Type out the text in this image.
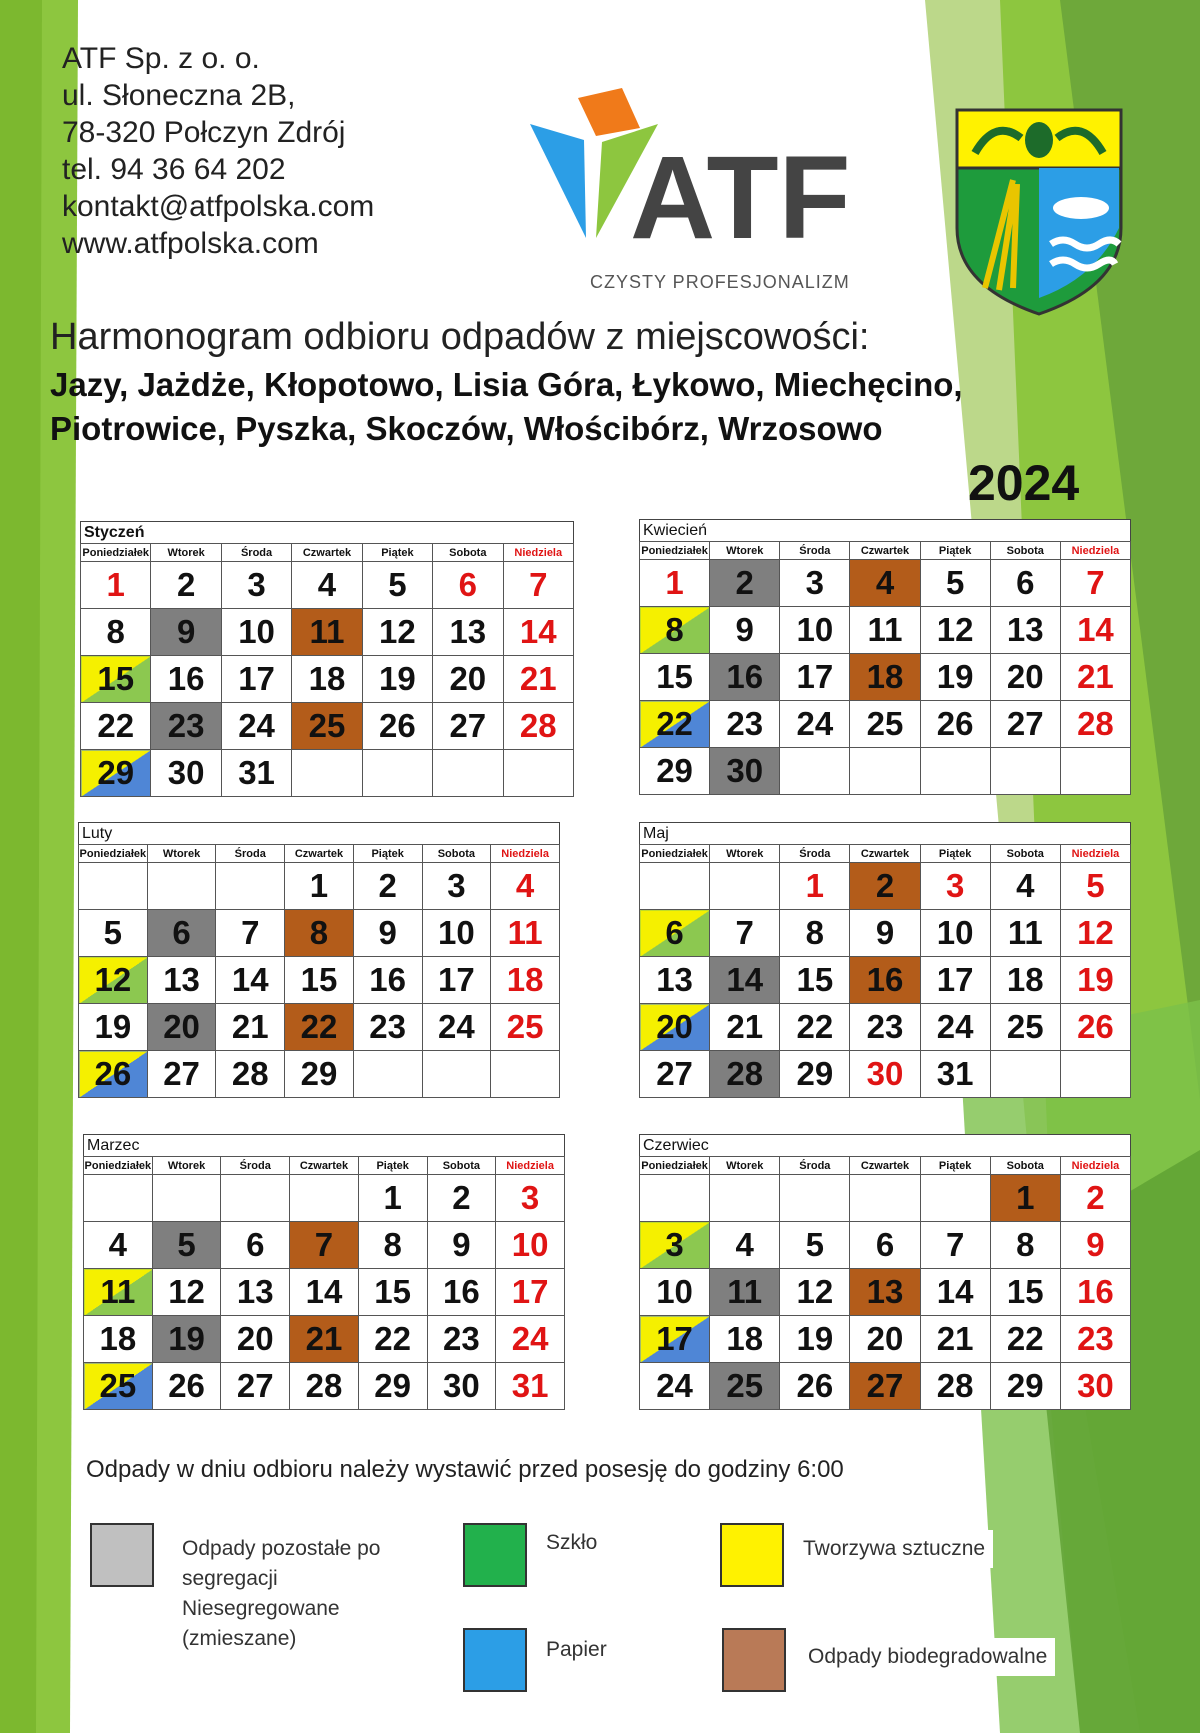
ATF Sp. z o. o.
ul. Słoneczna 2B,
78-320 Połczyn Zdrój
tel. 94 36 64 202
kontakt@atfpolska.com
www.atfpolska.com	ATF
CZYSTY PROFESJONALIZM
Harmonogram odbioru odpadów z miejscowości:
Jazy, Jażdże, Kłopotowo, Lisia Góra, Łykowo, Miechęcino,
Piotrowice, Pyszka, Skoczów, Włościbórz, Wrzosowo
2024
Styczeń
Poniedziałek	Wtorek	Środa	Czwartek	Piątek	Sobota	Niedziela
1	2	3	4	5	6	7
8	9	10	11	12	13	14
15	16	17	18	19	20	21
22	23	24	25	26	27	28
29	30	31				
Luty
Poniedziałek	Wtorek	Środa	Czwartek	Piątek	Sobota	Niedziela
			1	2	3	4
5	6	7	8	9	10	11
12	13	14	15	16	17	18
19	20	21	22	23	24	25
26	27	28	29			
Marzec
Poniedziałek	Wtorek	Środa	Czwartek	Piątek	Sobota	Niedziela
				1	2	3
4	5	6	7	8	9	10
11	12	13	14	15	16	17
18	19	20	21	22	23	24
25	26	27	28	29	30	31
Kwiecień
Poniedziałek	Wtorek	Środa	Czwartek	Piątek	Sobota	Niedziela
1	2	3	4	5	6	7
8	9	10	11	12	13	14
15	16	17	18	19	20	21
22	23	24	25	26	27	28
29	30					
Maj
Poniedziałek	Wtorek	Środa	Czwartek	Piątek	Sobota	Niedziela
		1	2	3	4	5
6	7	8	9	10	11	12
13	14	15	16	17	18	19
20	21	22	23	24	25	26
27	28	29	30	31		
Czerwiec
Poniedziałek	Wtorek	Środa	Czwartek	Piątek	Sobota	Niedziela
					1	2
3	4	5	6	7	8	9
10	11	12	13	14	15	16
17	18	19	20	21	22	23
24	25	26	27	28	29	30
Odpady w dniu odbioru należy wystawić przed posesję do godziny 6:00
Odpady pozostałe po
segregacji
Niesegregowane
(zmieszane)
Szkło	Tworzywa sztuczne
Papier	Odpady biodegradowalne
